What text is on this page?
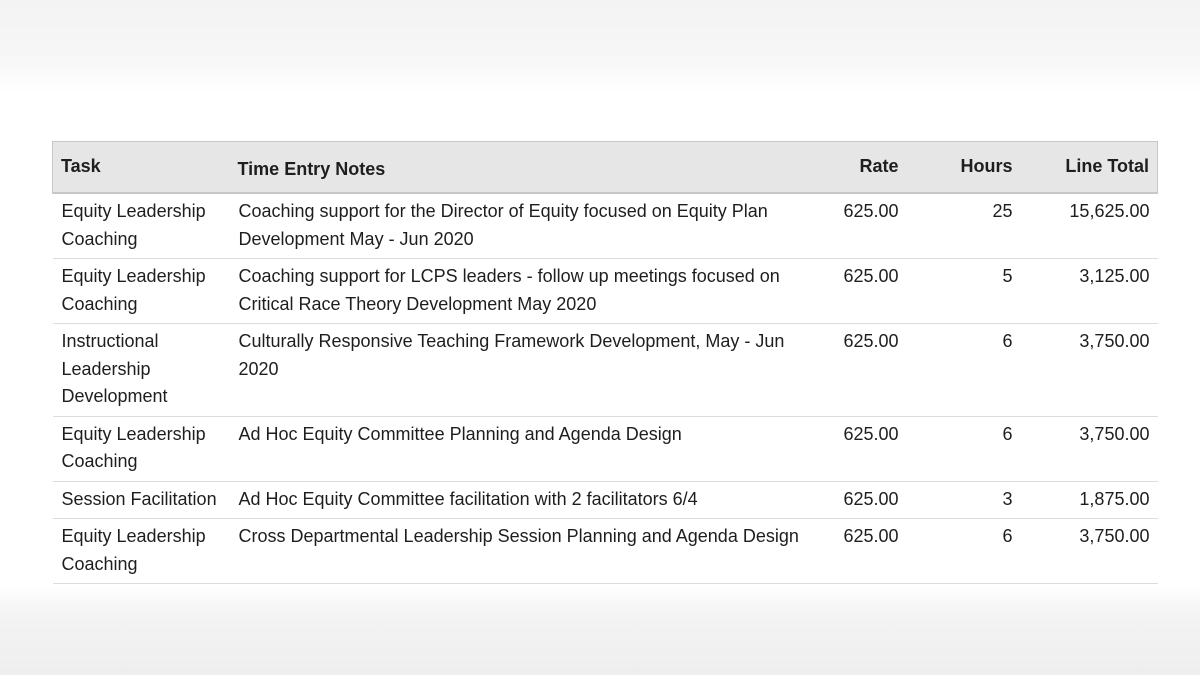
Task	Time Entry Notes	Rate	Hours	Line Total
Equity Leadership Coaching	Coaching support for the Director of Equity focused on Equity Plan Development May - Jun 2020	625.00	25	15,625.00
Equity Leadership Coaching	Coaching support for LCPS leaders - follow up meetings focused on Critical Race Theory Development May 2020	625.00	5	3,125.00
Instructional Leadership Development	Culturally Responsive Teaching Framework Development, May - Jun 2020	625.00	6	3,750.00
Equity Leadership Coaching	Ad Hoc Equity Committee Planning and Agenda Design	625.00	6	3,750.00
Session Facilitation	Ad Hoc Equity Committee facilitation with 2 facilitators 6/4	625.00	3	1,875.00
Equity Leadership Coaching	Cross Departmental Leadership Session Planning and Agenda Design	625.00	6	3,750.00
